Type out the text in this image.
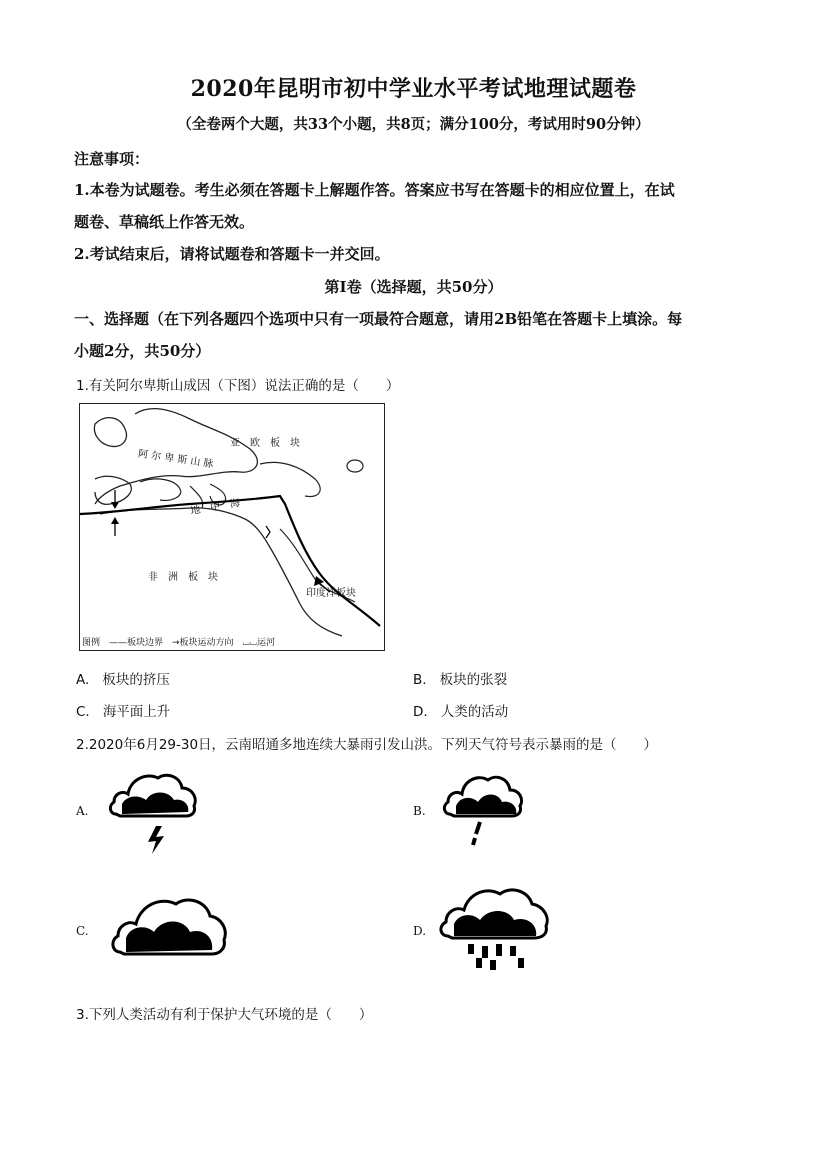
2020年昆明市初中学业水平考试地理试题卷
（全卷两个大题，共33个小题，共8页；满分100分，考试用时90分钟）
注意事项：
1.本卷为试题卷。考生必须在答题卡上解题作答。答案应书写在答题卡的相应位置上，在试
题卷、草稿纸上作答无效。
2.考试结束后，请将试题卷和答题卡一并交回。
第Ⅰ卷（选择题，共50分）
一、选择题（在下列各题四个选项中只有一项最符合题意，请用2B铅笔在答题卡上填涂。每
小题2分，共50分）
1.有关阿尔卑斯山成因（下图）说法正确的是（　　）
亚　欧　板　块
阿 尔 卑 斯 山 脉
地　中　海
非　洲　板　块
印度洋板块
图例　——板块边界　→板块运动方向　⌴⌴运河
A. 板块的挤压	B. 板块的张裂
C. 海平面上升	D. 人类的活动
2.2020年6月29-30日，云南昭通多地连续大暴雨引发山洪。下列天气符号表示暴雨的是（　　）
A.	B.
C.	D.
3.下列人类活动有利于保护大气环境的是（　　）
